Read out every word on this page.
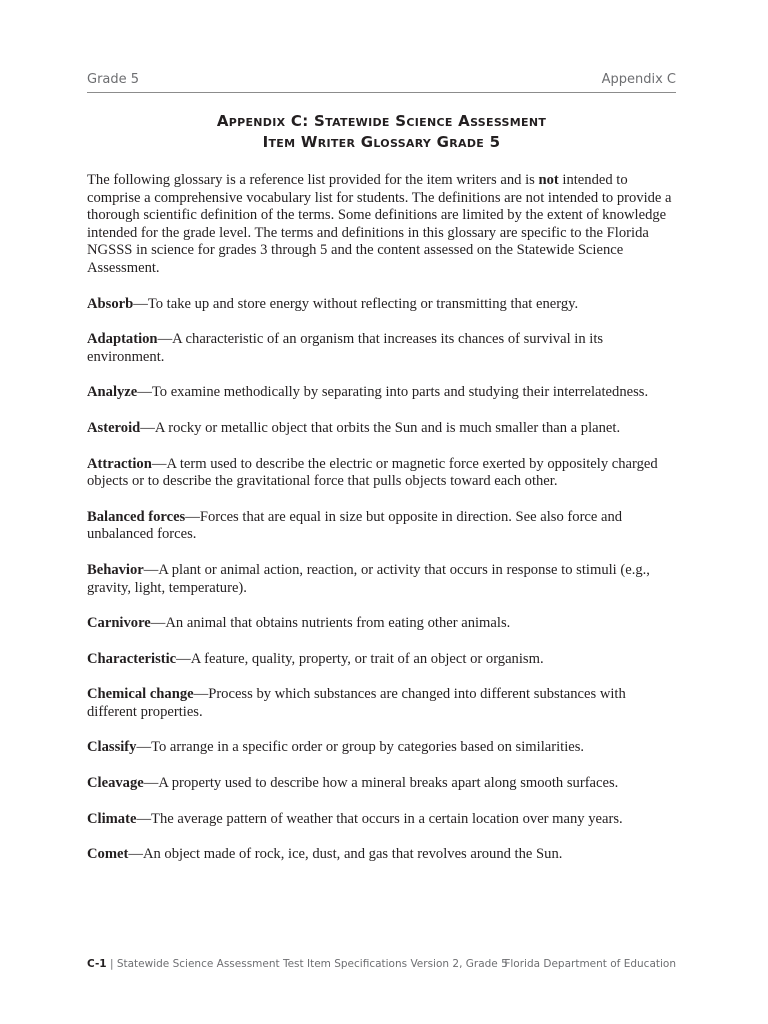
Grade 5	Appendix C
Appendix C: Statewide Science Assessment
Item Writer Glossary Grade 5

The following glossary is a reference list provided for the item writers and is not intended to comprise a comprehensive vocabulary list for students. The definitions are not intended to provide a thorough scientific definition of the terms. Some definitions are limited by the extent of knowledge intended for the grade level. The terms and definitions in this glossary are specific to the Florida NGSSS in science for grades 3 through 5 and the content assessed on the Statewide Science Assessment.

Absorb—To take up and store energy without reflecting or transmitting that energy.

Adaptation—A characteristic of an organism that increases its chances of survival in its environment.

Analyze—To examine methodically by separating into parts and studying their interrelatedness.

Asteroid—A rocky or metallic object that orbits the Sun and is much smaller than a planet.

Attraction—A term used to describe the electric or magnetic force exerted by oppositely charged objects or to describe the gravitational force that pulls objects toward each other.

Balanced forces—Forces that are equal in size but opposite in direction. See also force and unbalanced forces.

Behavior—A plant or animal action, reaction, or activity that occurs in response to stimuli (e.g., gravity, light, temperature).

Carnivore—An animal that obtains nutrients from eating other animals.

Characteristic—A feature, quality, property, or trait of an object or organism.

Chemical change—Process by which substances are changed into different substances with different properties.

Classify—To arrange in a specific order or group by categories based on similarities.

Cleavage—A property used to describe how a mineral breaks apart along smooth surfaces.

Climate—The average pattern of weather that occurs in a certain location over many years.

Comet—An object made of rock, ice, dust, and gas that revolves around the Sun.

C-1 | Statewide Science Assessment Test Item Specifications Version 2, Grade 5
Florida Department of Education
